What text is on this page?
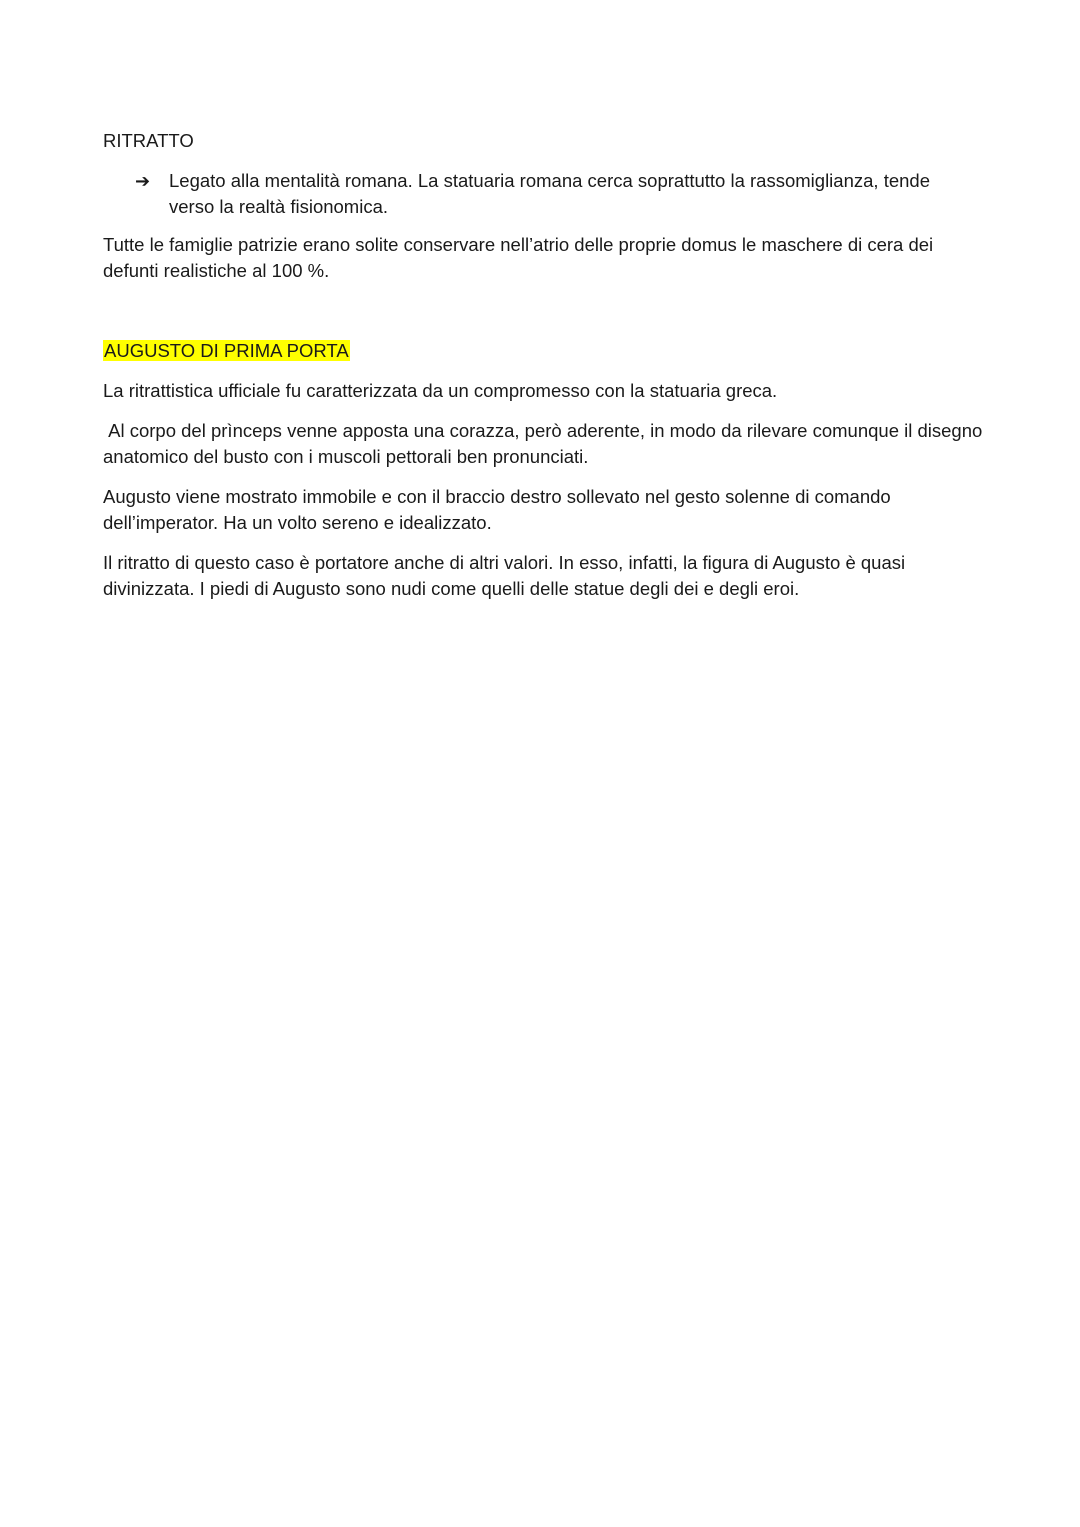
RITRATTO
➔ Legato alla mentalità romana. La statuaria romana cerca soprattutto la rassomiglianza, tende verso la realtà fisionomica.

Tutte le famiglie patrizie erano solite conservare nell’atrio delle proprie domus le maschere di cera dei defunti realistiche al 100 %.

AUGUSTO DI PRIMA PORTA

La ritrattistica ufficiale fu caratterizzata da un compromesso con la statuaria greca.

Al corpo del prìnceps venne apposta una corazza, però aderente, in modo da rilevare comunque il disegno anatomico del busto con i muscoli pettorali ben pronunciati.

Augusto viene mostrato immobile e con il braccio destro sollevato nel gesto solenne di comando dell’imperator. Ha un volto sereno e idealizzato.

Il ritratto di questo caso è portatore anche di altri valori. In esso, infatti, la figura di Augusto è quasi divinizzata. I piedi di Augusto sono nudi come quelli delle statue degli dei e degli eroi.
